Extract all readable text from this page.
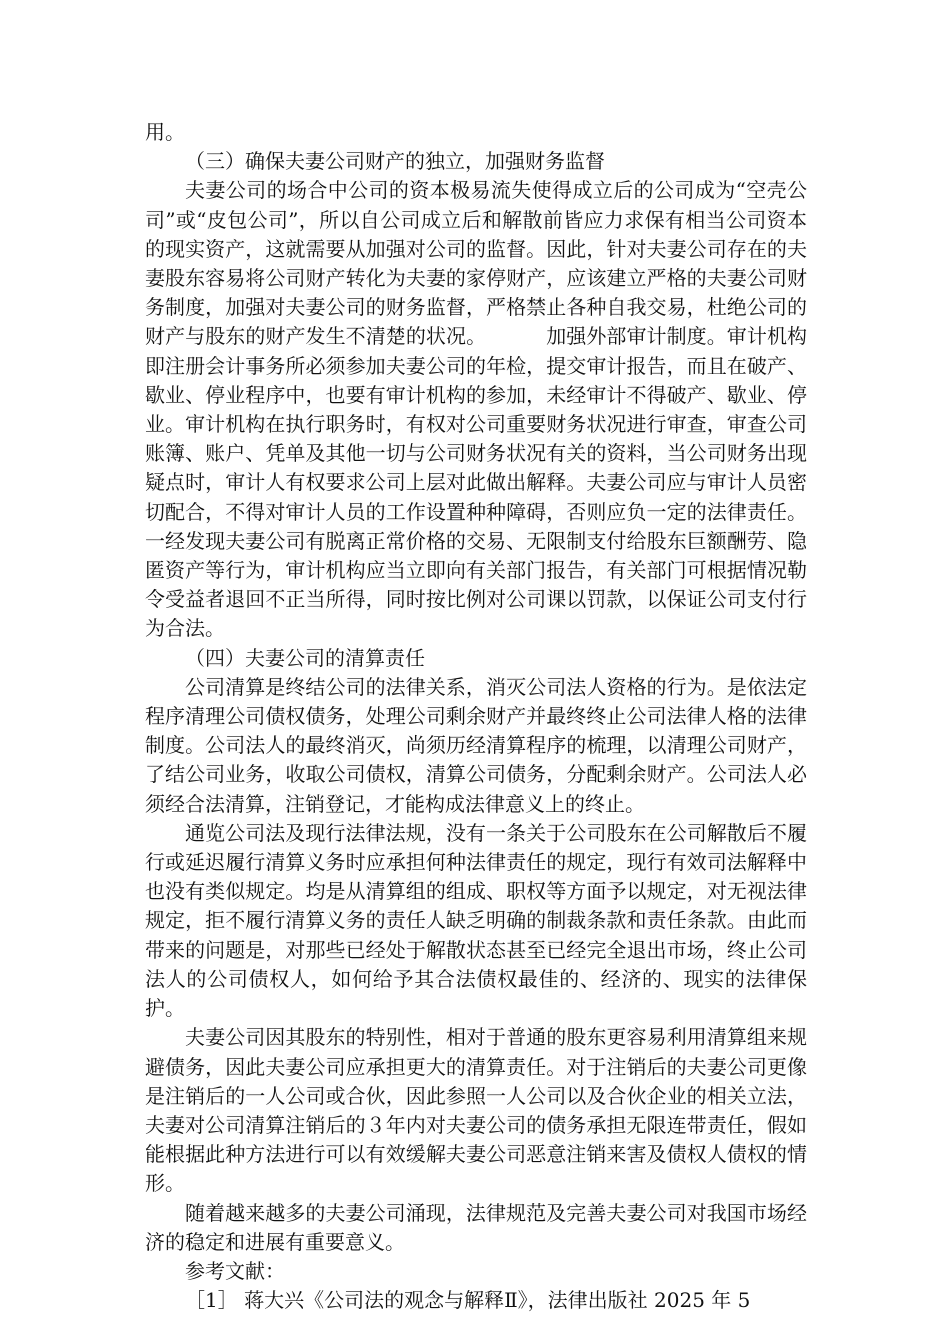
用。

（三）确保夫妻公司财产的独立，加强财务监督

夫妻公司的场合中公司的资本极易流失使得成立后的公司成为“空壳公司”或“皮包公司”，所以自公司成立后和解散前皆应力求保有相当公司资本的现实资产，这就需要从加强对公司的监督。因此，针对夫妻公司存在的夫妻股东容易将公司财产转化为夫妻的家停财产，应该建立严格的夫妻公司财务制度，加强对夫妻公司的财务监督，严格禁止各种自我交易，杜绝公司的财产与股东的财产发生不清楚的状况。	加强外部审计制度。审计机构即注册会计事务所必须参加夫妻公司的年检，提交审计报告，而且在破产、歇业、停业程序中，也要有审计机构的参加，未经审计不得破产、歇业、停业。审计机构在执行职务时，有权对公司重要财务状况进行审查，审查公司账簿、账户、凭单及其他一切与公司财务状况有关的资料，当公司财务出现疑点时，审计人有权要求公司上层对此做出解释。夫妻公司应与审计人员密切配合，不得对审计人员的工作设置种种障碍，否则应负一定的法律责任。一经发现夫妻公司有脱离正常价格的交易、无限制支付给股东巨额酬劳、隐匿资产等行为，审计机构应当立即向有关部门报告，有关部门可根据情况勒令受益者退回不正当所得，同时按比例对公司课以罚款，以保证公司支付行为合法。

（四）夫妻公司的清算责任

公司清算是终结公司的法律关系，消灭公司法人资格的行为。是依法定程序清理公司债权债务，处理公司剩余财产并最终终止公司法律人格的法律制度。公司法人的最终消灭，尚须历经清算程序的梳理，以清理公司财产，了结公司业务，收取公司债权，清算公司债务，分配剩余财产。公司法人必须经合法清算，注销登记，才能构成法律意义上的终止。

通览公司法及现行法律法规，没有一条关于公司股东在公司解散后不履行或延迟履行清算义务时应承担何种法律责任的规定，现行有效司法解释中也没有类似规定。均是从清算组的组成、职权等方面予以规定，对无视法律规定，拒不履行清算义务的责任人缺乏明确的制裁条款和责任条款。由此而带来的问题是，对那些已经处于解散状态甚至已经完全退出市场，终止公司法人的公司债权人，如何给予其合法债权最佳的、经济的、现实的法律保护。

夫妻公司因其股东的特别性，相对于普通的股东更容易利用清算组来规避债务，因此夫妻公司应承担更大的清算责任。对于注销后的夫妻公司更像是注销后的一人公司或合伙，因此参照一人公司以及合伙企业的相关立法，夫妻对公司清算注销后的３年内对夫妻公司的债务承担无限连带责任，假如能根据此种方法进行可以有效缓解夫妻公司恶意注销来害及债权人债权的情形。

随着越来越多的夫妻公司涌现，法律规范及完善夫妻公司对我国市场经济的稳定和进展有重要意义。

参考文献：

［1］ 蒋大兴《公司法的观念与解释Ⅱ》，法律出版社 2025 年 5
